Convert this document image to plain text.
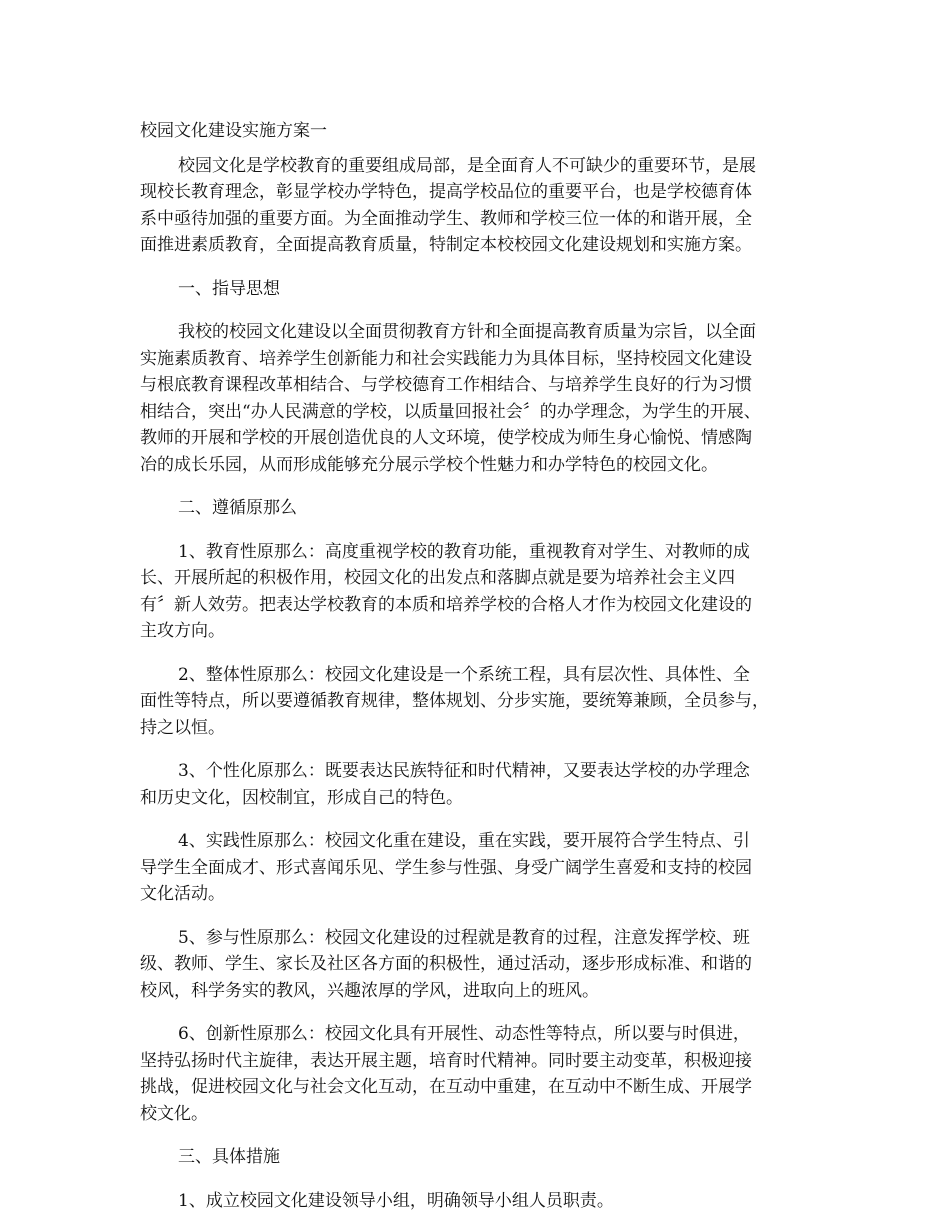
校园文化建设实施方案一
校园文化是学校教育的重要组成局部，是全面育人不可缺少的重要环节，是展
现校长教育理念，彰显学校办学特色，提高学校品位的重要平台，也是学校德育体
系中亟待加强的重要方面。为全面推动学生、教师和学校三位一体的和谐开展，全
面推进素质教育，全面提高教育质量，特制定本校校园文化建设规划和实施方案。
一、指导思想
我校的校园文化建设以全面贯彻教育方针和全面提高教育质量为宗旨，以全面
实施素质教育、培养学生创新能力和社会实践能力为具体目标，坚持校园文化建设
与根底教育课程改革相结合、与学校德育工作相结合、与培养学生良好的行为习惯
相结合，突出“办人民满意的学校，以质量回报社会〞的办学理念，为学生的开展、
教师的开展和学校的开展创造优良的人文环境，使学校成为师生身心愉悦、情感陶
冶的成长乐园，从而形成能够充分展示学校个性魅力和办学特色的校园文化。
二、遵循原那么
1、教育性原那么：高度重视学校的教育功能，重视教育对学生、对教师的成
长、开展所起的积极作用，校园文化的出发点和落脚点就是要为培养社会主义四
有〞新人效劳。把表达学校教育的本质和培养学校的合格人才作为校园文化建设的
主攻方向。
2、整体性原那么：校园文化建设是一个系统工程，具有层次性、具体性、全
面性等特点，所以要遵循教育规律，整体规划、分步实施，要统筹兼顾，全员参与，
持之以恒。
3、个性化原那么：既要表达民族特征和时代精神，又要表达学校的办学理念
和历史文化，因校制宜，形成自己的特色。
4、实践性原那么：校园文化重在建设，重在实践，要开展符合学生特点、引
导学生全面成才、形式喜闻乐见、学生参与性强、身受广阔学生喜爱和支持的校园
文化活动。
5、参与性原那么：校园文化建设的过程就是教育的过程，注意发挥学校、班
级、教师、学生、家长及社区各方面的积极性，通过活动，逐步形成标准、和谐的
校风，科学务实的教风，兴趣浓厚的学风，进取向上的班风。
6、创新性原那么：校园文化具有开展性、动态性等特点，所以要与时俱进，
坚持弘扬时代主旋律，表达开展主题，培育时代精神。同时要主动变革，积极迎接
挑战，促进校园文化与社会文化互动，在互动中重建，在互动中不断生成、开展学
校文化。
三、具体措施
1、成立校园文化建设领导小组，明确领导小组人员职责。
